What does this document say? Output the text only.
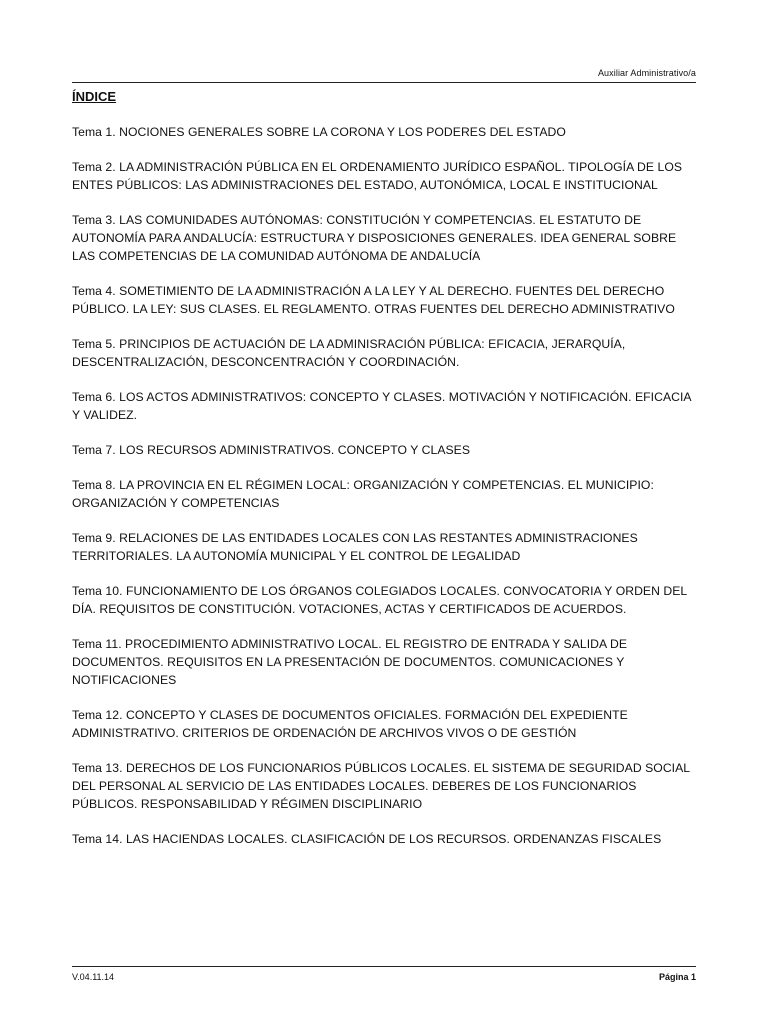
Auxiliar Administrativo/a
ÍNDICE
Tema 1. NOCIONES GENERALES SOBRE LA CORONA Y LOS PODERES DEL ESTADO
Tema 2. LA ADMINISTRACIÓN PÚBLICA EN EL ORDENAMIENTO JURÍDICO ESPAÑOL. TIPOLOGÍA DE LOS ENTES PÚBLICOS: LAS ADMINISTRACIONES DEL ESTADO, AUTONÓMICA, LOCAL E INSTITUCIONAL
Tema 3. LAS COMUNIDADES AUTÓNOMAS: CONSTITUCIÓN Y COMPETENCIAS. EL ESTATUTO DE AUTONOMÍA PARA ANDALUCÍA: ESTRUCTURA Y DISPOSICIONES GENERALES. IDEA GENERAL SOBRE LAS COMPETENCIAS DE LA COMUNIDAD AUTÓNOMA DE ANDALUCÍA
Tema 4. SOMETIMIENTO DE LA ADMINISTRACIÓN A LA LEY Y AL DERECHO. FUENTES DEL DERECHO PÚBLICO. LA LEY: SUS CLASES. EL REGLAMENTO. OTRAS FUENTES DEL DERECHO ADMINISTRATIVO
Tema 5. PRINCIPIOS DE ACTUACIÓN DE LA ADMINISRACIÓN PÚBLICA: EFICACIA, JERARQUÍA, DESCENTRALIZACIÓN, DESCONCENTRACIÓN Y COORDINACIÓN.
Tema 6. LOS ACTOS ADMINISTRATIVOS: CONCEPTO Y CLASES. MOTIVACIÓN Y NOTIFICACIÓN. EFICACIA Y VALIDEZ.
Tema 7. LOS RECURSOS ADMINISTRATIVOS. CONCEPTO Y CLASES
Tema 8. LA PROVINCIA EN EL RÉGIMEN LOCAL: ORGANIZACIÓN Y COMPETENCIAS. EL MUNICIPIO: ORGANIZACIÓN Y COMPETENCIAS
Tema 9. RELACIONES DE LAS ENTIDADES LOCALES CON LAS RESTANTES ADMINISTRACIONES TERRITORIALES. LA AUTONOMÍA MUNICIPAL Y EL CONTROL DE LEGALIDAD
Tema 10. FUNCIONAMIENTO DE LOS ÓRGANOS COLEGIADOS LOCALES. CONVOCATORIA Y ORDEN DEL DÍA. REQUISITOS DE CONSTITUCIÓN. VOTACIONES, ACTAS Y CERTIFICADOS DE ACUERDOS.
Tema 11. PROCEDIMIENTO ADMINISTRATIVO LOCAL. EL REGISTRO DE ENTRADA Y SALIDA DE DOCUMENTOS. REQUISITOS EN LA PRESENTACIÓN DE DOCUMENTOS. COMUNICACIONES Y NOTIFICACIONES
Tema 12. CONCEPTO Y CLASES DE DOCUMENTOS OFICIALES. FORMACIÓN DEL EXPEDIENTE ADMINISTRATIVO. CRITERIOS DE ORDENACIÓN DE ARCHIVOS VIVOS O DE GESTIÓN
Tema 13. DERECHOS DE LOS FUNCIONARIOS PÚBLICOS LOCALES. EL SISTEMA DE SEGURIDAD SOCIAL DEL PERSONAL AL SERVICIO DE LAS ENTIDADES LOCALES. DEBERES DE LOS FUNCIONARIOS PÚBLICOS. RESPONSABILIDAD Y RÉGIMEN DISCIPLINARIO
Tema 14. LAS HACIENDAS LOCALES. CLASIFICACIÓN DE LOS RECURSOS. ORDENANZAS FISCALES
V.04.11.14	Página 1
